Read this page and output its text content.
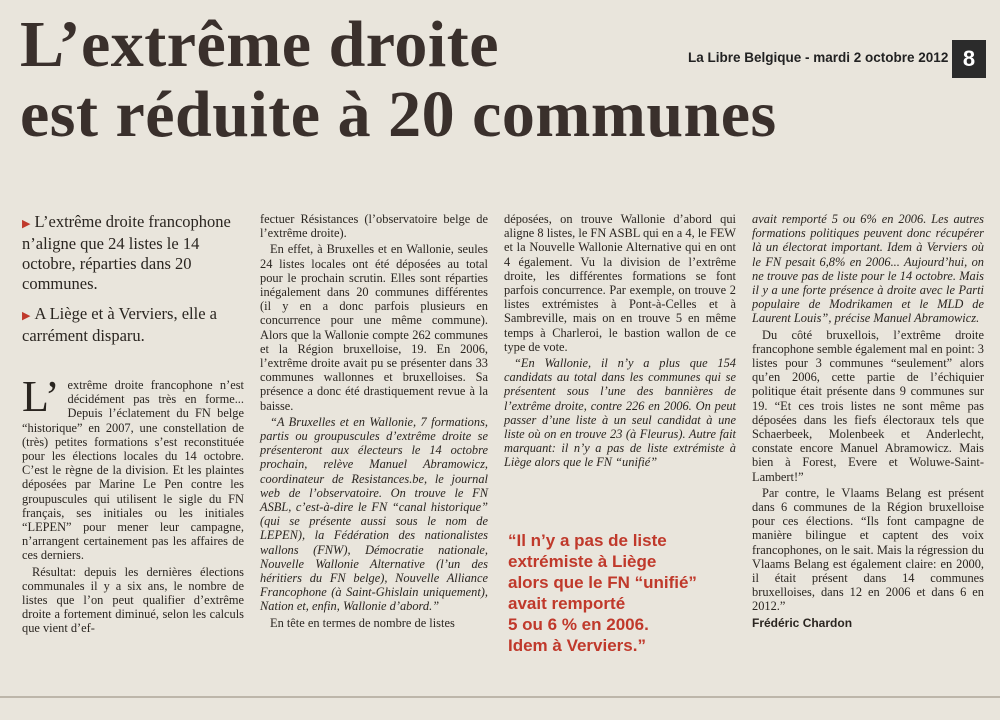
L’extrême droite
est réduite à 20 communes
La Libre Belgique - mardi 2 octobre 2012 8
▶ L’extrême droite francophone n’aligne que 24 listes le 14 octobre, réparties dans 20 communes.
▶ A Liège et à Verviers, elle a carrément disparu.

L’ extrême droite francophone n’est décidément pas très en forme... Depuis l’éclatement du FN belge “historique” en 2007, une constellation de (très) petites formations s’est reconstituée pour les élections locales du 14 octobre. C’est le règne de la division. Et les plaintes déposées par Marine Le Pen contre les groupuscules qui utilisent le sigle du FN français, ses initiales ou les initiales “LEPEN” pour mener leur campagne, n’arrangent certainement pas les affaires de ces derniers.

Résultat: depuis les dernières élections communales il y a six ans, le nombre de listes que l’on peut qualifier d’extrême droite a fortement diminué, selon les calculs que vient d’ef-

fectuer Résistances (l’observatoire belge de l’extrême droite).

En effet, à Bruxelles et en Wallonie, seules 24 listes locales ont été déposées au total pour le prochain scrutin. Elles sont réparties inégalement dans 20 communes différentes (il y en a donc parfois plusieurs en concurrence pour une même commune). Alors que la Wallonie compte 262 communes et la Région bruxelloise, 19. En 2006, l’extrême droite avait pu se présenter dans 33 communes wallonnes et bruxelloises. Sa présence a donc été drastiquement revue à la baisse.

“A Bruxelles et en Wallonie, 7 formations, partis ou groupuscules d’extrême droite se présenteront aux électeurs le 14 octobre prochain, relève Manuel Abramowicz, coordinateur de Resistances.be, le journal web de l’observatoire. On trouve le FN ASBL, c’est-à-dire le FN “canal historique” (qui se présente aussi sous le nom de LEPEN), la Fédération des nationalistes wallons (FNW), Démocratie nationale, Nouvelle Wallonie Alternative (l’un des héritiers du FN belge), Nouvelle Alliance Francophone (à Saint-Ghislain uniquement), Nation et, enfin, Wallonie d’abord.”

En tête en termes de nombre de listes

déposées, on trouve Wallonie d’abord qui aligne 8 listes, le FN ASBL qui en a 4, le FEW et la Nouvelle Wallonie Alternative qui en ont 4 également. Vu la division de l’extrême droite, les différentes formations se font parfois concurrence. Par exemple, on trouve 2 listes extrémistes à Pont-à-Celles et à Sambreville, mais on en trouve 5 en même temps à Charleroi, le bastion wallon de ce type de vote.

“En Wallonie, il n’y a plus que 154 candidats au total dans les communes qui se présentent sous l’une des bannières de l’extrême droite, contre 226 en 2006. On peut passer d’une liste à un seul candidat à une liste où on en trouve 23 (à Fleurus). Autre fait marquant: il n’y a pas de liste extrémiste à Liège alors que le FN “unifié”

“Il n’y a pas de liste
extrémiste à Liège
alors que le FN “unifié”
avait remporté
5 ou 6 % en 2006.
Idem à Verviers.”

avait remporté 5 ou 6% en 2006. Les autres formations politiques peuvent donc récupérer là un électorat important. Idem à Verviers où le FN pesait 6,8% en 2006... Aujourd’hui, on ne trouve pas de liste pour le 14 octobre. Mais il y a une forte présence à droite avec le Parti populaire de Modrikamen et le MLD de Laurent Louis”, précise Manuel Abramowicz.

Du côté bruxellois, l’extrême droite francophone semble également mal en point: 3 listes pour 3 communes “seulement” alors qu’en 2006, cette partie de l’échiquier politique était présente dans 9 communes sur 19. “Et ces trois listes ne sont même pas déposées dans les fiefs électoraux tels que Schaerbeek, Molenbeek et Anderlecht, constate encore Manuel Abramowicz. Mais bien à Forest, Evere et Woluwe-Saint-Lambert!”

Par contre, le Vlaams Belang est présent dans 6 communes de la Région bruxelloise pour ces élections. “Ils font campagne de manière bilingue et captent des voix francophones, on le sait. Mais la régression du Vlaams Belang est également claire: en 2000, il était présent dans 14 communes bruxelloises, dans 12 en 2006 et dans 6 en 2012.”

Frédéric Chardon
